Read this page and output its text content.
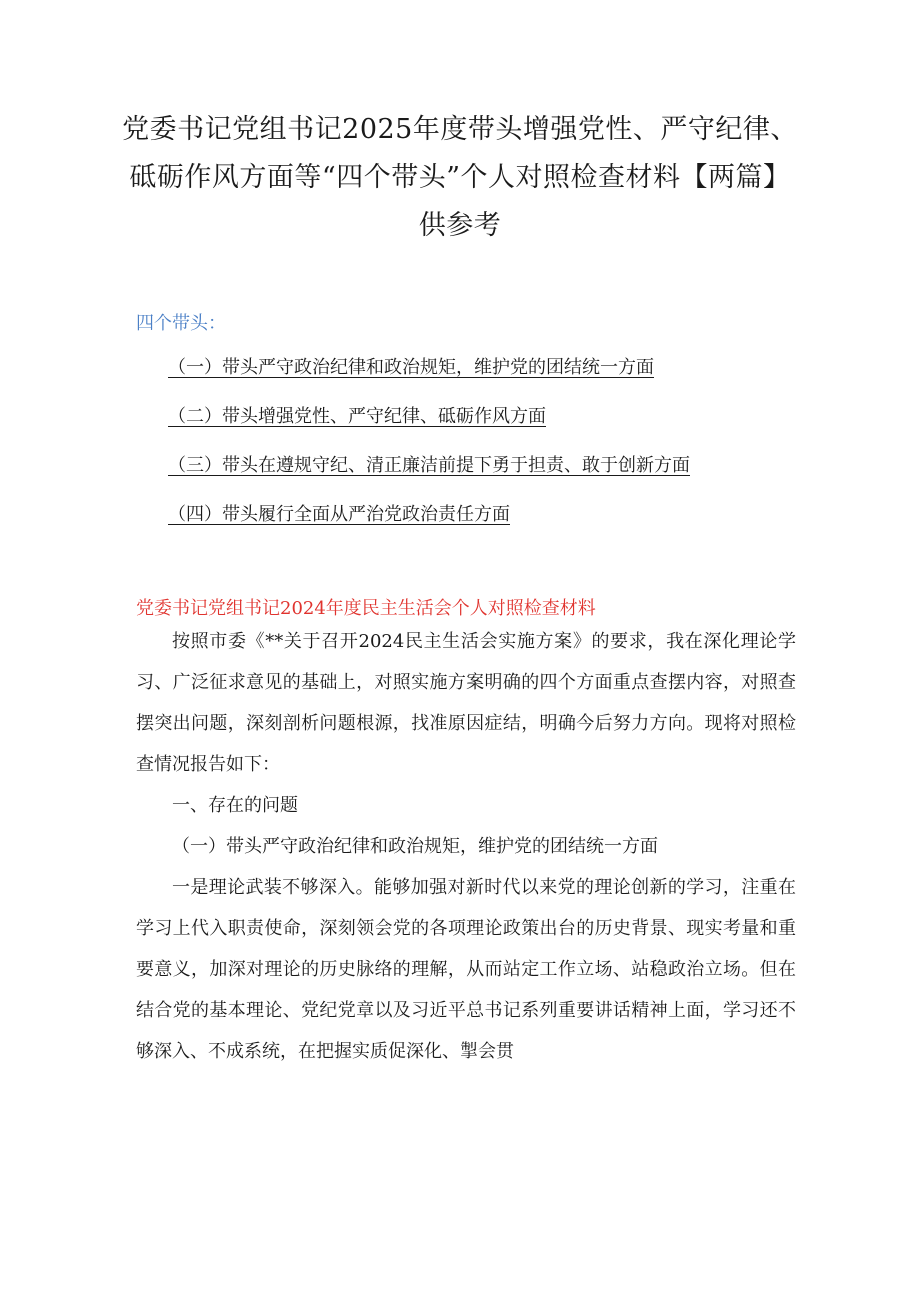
党委书记党组书记2025年度带头增强党性、严守纪律、砥砺作风方面等“四个带头”个人对照检查材料【两篇】供参考
四个带头：
（一）带头严守政治纪律和政治规矩，维护党的团结统一方面
（二）带头增强党性、严守纪律、砥砺作风方面
（三）带头在遵规守纪、清正廉洁前提下勇于担责、敢于创新方面
（四）带头履行全面从严治党政治责任方面
党委书记党组书记2024年度民主生活会个人对照检查材料

按照市委《**关于召开2024民主生活会实施方案》的要求，我在深化理论学习、广泛征求意见的基础上，对照实施方案明确的四个方面重点查摆内容，对照查摆突出问题，深刻剖析问题根源，找准原因症结，明确今后努力方向。现将对照检查情况报告如下：

一、存在的问题

（一）带头严守政治纪律和政治规矩，维护党的团结统一方面

一是理论武装不够深入。能够加强对新时代以来党的理论创新的学习，注重在学习上代入职责使命，深刻领会党的各项理论政策出台的历史背景、现实考量和重要意义，加深对理论的历史脉络的理解，从而站定工作立场、站稳政治立场。但在结合党的基本理论、党纪党章以及习近平总书记系列重要讲话精神上面，学习还不够深入、不成系统，在把握实质促深化、掣会贯
